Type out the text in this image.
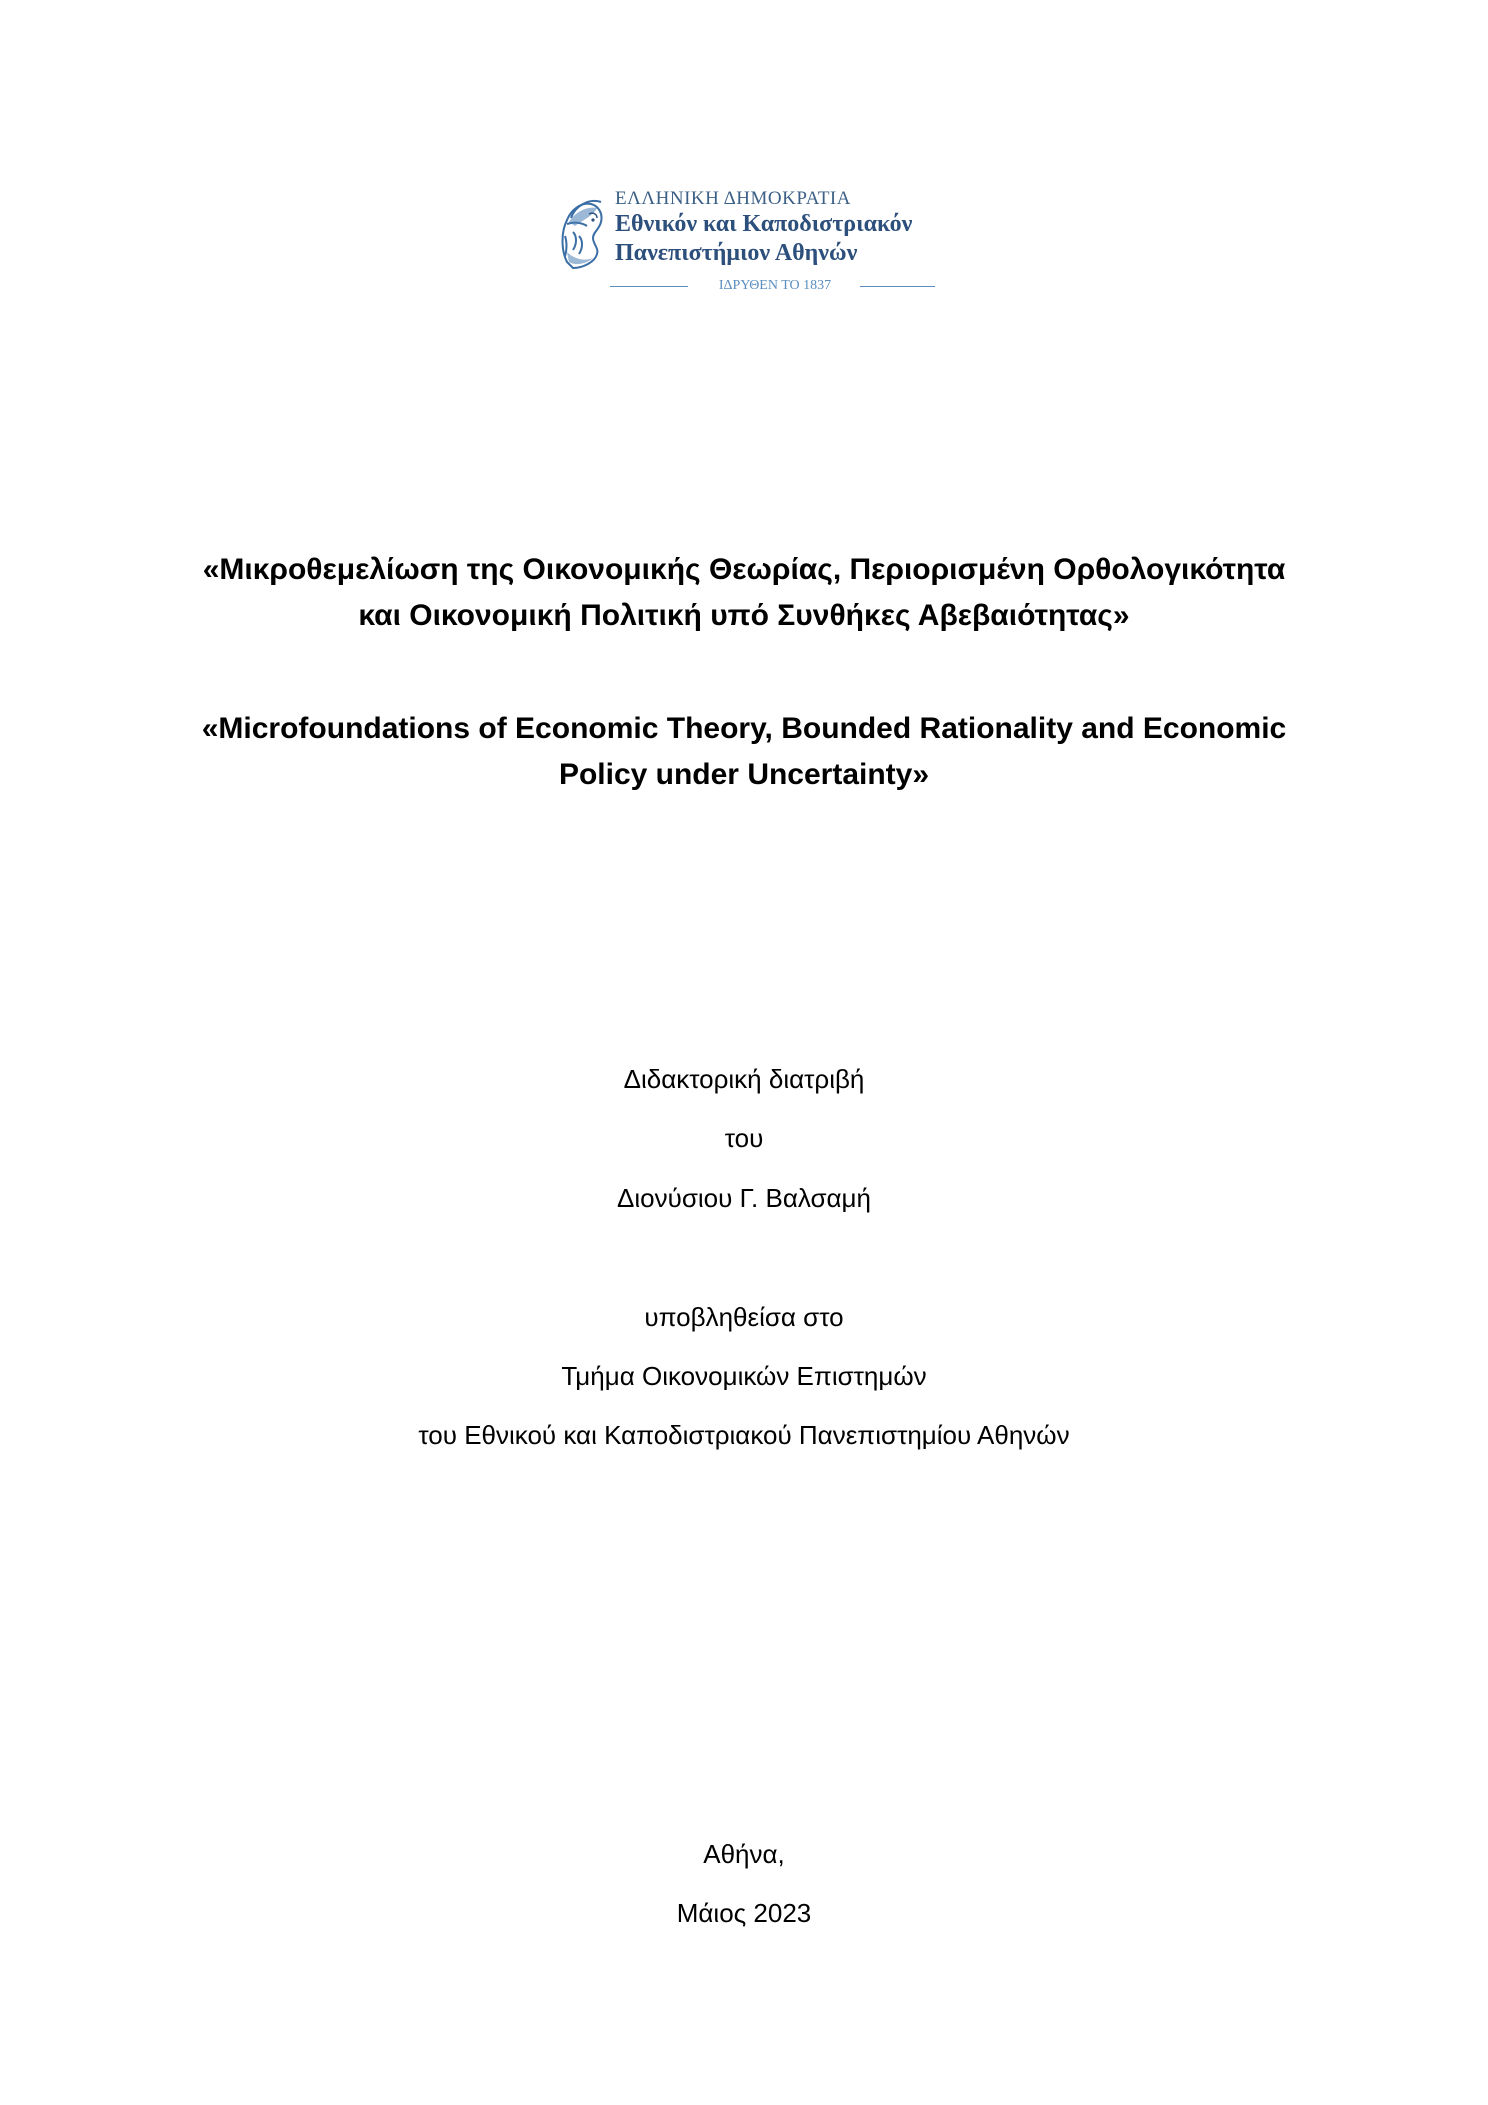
ΕΛΛΗΝΙΚΗ ΔΗΜΟΚΡΑΤΙΑ
Εθνικόν και Καποδιστριακόν
Πανεπιστήμιον Αθηνών
ΙΔΡΥΘΕΝ ΤΟ 1837
«Μικροθεμελίωση της Οικονομικής Θεωρίας, Περιορισμένη Ορθολογικότητα και Οικονομική Πολιτική υπό Συνθήκες Αβεβαιότητας»
«Microfoundations of Economic Theory, Bounded Rationality and Economic Policy under Uncertainty»
Διδακτορική διατριβή
του
Διονύσιου Γ. Βαλσαμή
υποβληθείσα στο
Τμήμα Οικονομικών Επιστημών
του Εθνικού και Καποδιστριακού Πανεπιστημίου Αθηνών
Αθήνα,
Μάιος 2023
